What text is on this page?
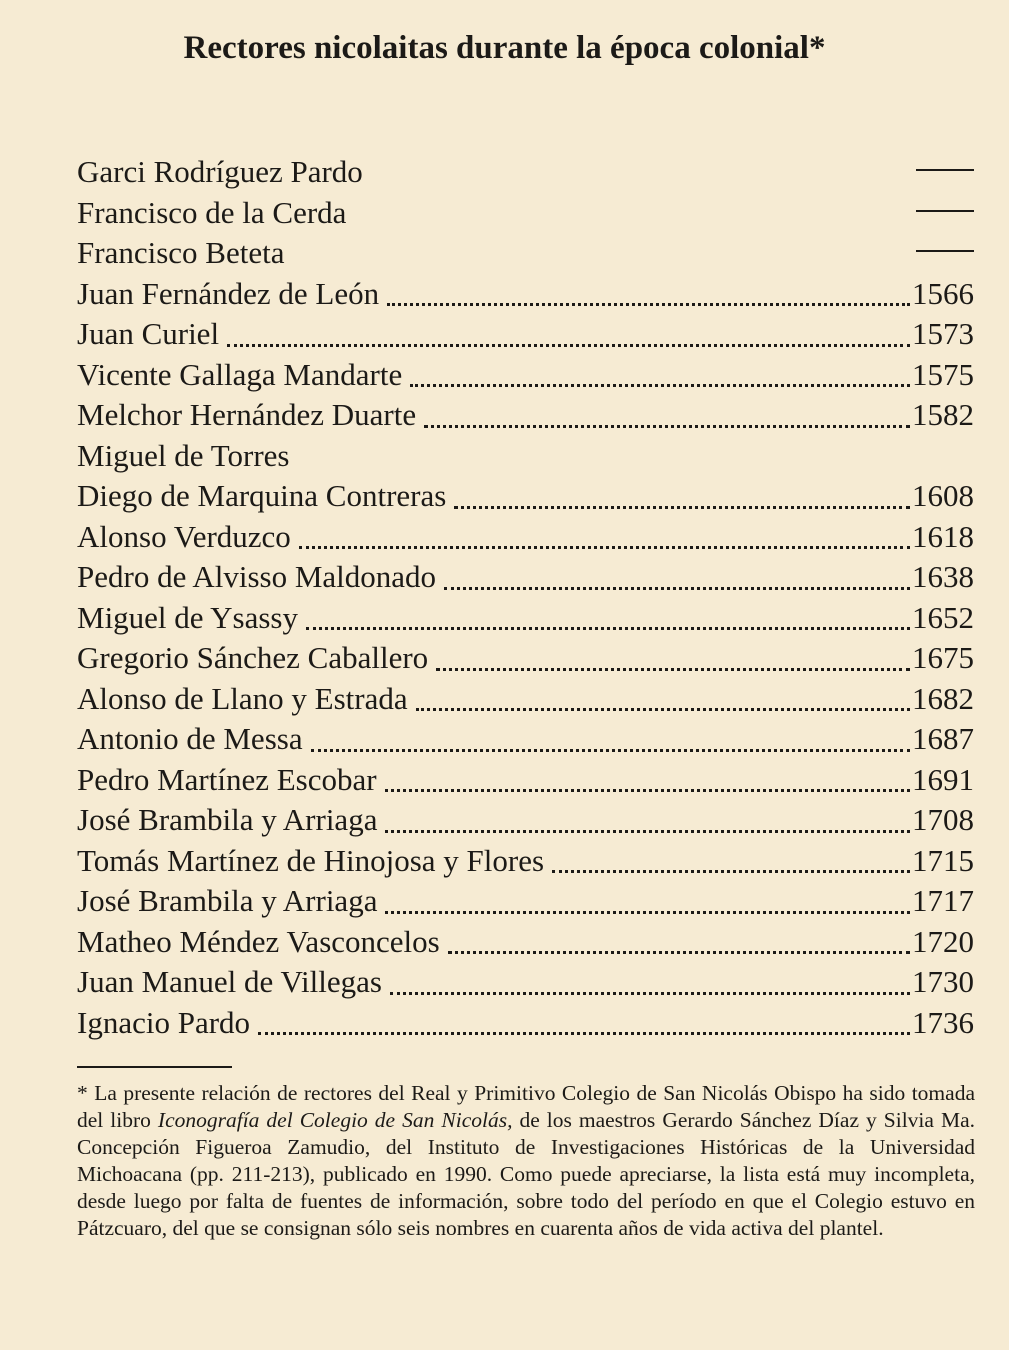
Rectores nicolaitas durante la época colonial*
Garci Rodríguez Pardo
Francisco de la Cerda
Francisco Beteta
Juan Fernández de León	1566
Juan Curiel	1573
Vicente Gallaga Mandarte	1575
Melchor Hernández Duarte	1582
Miguel de Torres
Diego de Marquina Contreras	1608
Alonso Verduzco	1618
Pedro de Alvisso Maldonado	1638
Miguel de Ysassy	1652
Gregorio Sánchez Caballero	1675
Alonso de Llano y Estrada	1682
Antonio de Messa	1687
Pedro Martínez Escobar	1691
José Brambila y Arriaga	1708
Tomás Martínez de Hinojosa y Flores	1715
José Brambila y Arriaga	1717
Matheo Méndez Vasconcelos	1720
Juan Manuel de Villegas	1730
Ignacio Pardo	1736
* La presente relación de rectores del Real y Primitivo Colegio de San Nicolás Obispo ha sido tomada del libro Iconografía del Colegio de San Nicolás, de los maestros Gerardo Sánchez Díaz y Silvia Ma. Concepción Figueroa Zamudio, del Instituto de Investigaciones Históricas de la Universidad Michoacana (pp. 211-213), publicado en 1990. Como puede apreciarse, la lista está muy incompleta, desde luego por falta de fuentes de información, sobre todo del período en que el Colegio estuvo en Pátzcuaro, del que se consignan sólo seis nombres en cuarenta años de vida activa del plantel.
